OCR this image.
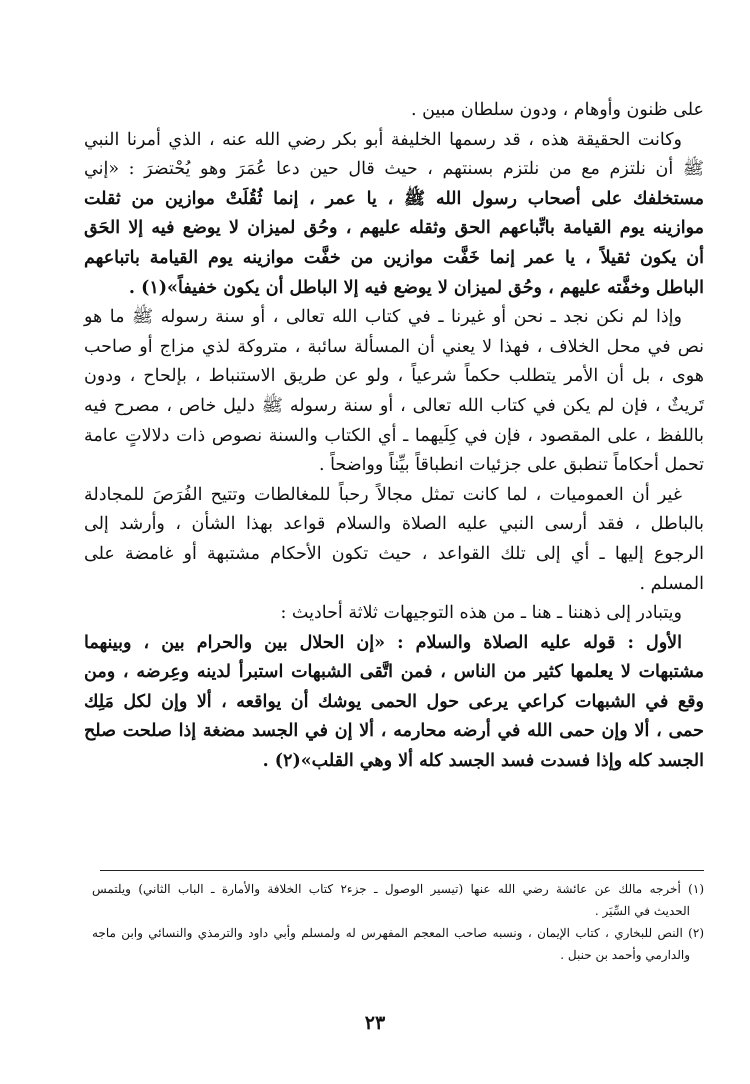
على ظنون وأوهام ، ودون سلطان مبين .
وكانت الحقيقة هذه ، قد رسمها الخليفة أبو بكر رضي الله عنه ، الذي أمرنا النبي
ﷺ أن نلتزم مع من نلتزم بسنتهم ، حيث قال حين دعا عُمَرَ وهو يُحْتضرَ : «إني
مستخلفك على أصحاب رسول الله ﷺ ، يا عمر ، إنما ثُقُلَتْ موازين من ثقلت
موازينه يوم القيامة باتِّباعهم الحق وثقله عليهم ، وحُق لميزان لا يوضع فيه إلا الحَق
أن يكون ثقيلاً ، يا عمر إنما خَفَّت موازين من خفَّت موازينه يوم القيامة باتباعهم
الباطل وخفَّته عليهم ، وحُق لميزان لا يوضع فيه إلا الباطل أن يكون خفيفاً»(١) .
وإذا لم نكن نجد ـ نحن أو غيرنا ـ في كتاب الله تعالى ، أو سنة رسوله ﷺ ما هو
نص في محل الخلاف ، فهذا لا يعني أن المسألة سائبة ، متروكة لذي مزاج أو صاحب
هوى ، بل أن الأمر يتطلب حكماً شرعياً ، ولو عن طريق الاستنباط ، بإلحاح ، ودون
تَريثٌ ، فإن لم يكن في كتاب الله تعالى ، أو سنة رسوله ﷺ دليل خاص ، مصرح فيه
باللفظ ، على المقصود ، فإن في كِلَيهما ـ أي الكتاب والسنة نصوص ذات دلالاتٍ عامة
تحمل أحكاماً تنطبق على جزئيات انطباقاً بيِّناً وواضحاً .
غير أن العموميات ، لما كانت تمثل مجالاً رحباً للمغالطات وتتيح الفُرَصَ للمجادلة
بالباطل ، فقد أرسى النبي عليه الصلاة والسلام قواعد بهذا الشأن ، وأرشد إلى
الرجوع إليها ـ أي إلى تلك القواعد ، حيث تكون الأحكام مشتبهة أو غامضة على
المسلم .
ويتبادر إلى ذهننا ـ هنا ـ من هذه التوجيهات ثلاثة أحاديث :
الأول : قوله عليه الصلاة والسلام : «إن الحلال بين والحرام بين ، وبينهما
مشتبهات لا يعلمها كثير من الناس ، فمن اتَّقى الشبهات استبرأ لدينه وعِرضه ، ومن
وقع في الشبهات كراعي يرعى حول الحمى يوشك أن يواقعه ، ألا وإن لكل مَلِك
حمى ، ألا وإن حمى الله في أرضه محارمه ، ألا إن في الجسد مضغة إذا صلحت صلح
الجسد كله وإذا فسدت فسد الجسد كله ألا وهي القلب»(٢) .
(١) أخرجه مالك عن عائشة رضي الله عنها (تيسير الوصول ـ جزء٢ كتاب الخلافة والأمارة ـ الباب الثاني) ويلتمس
الحديث في السِّيَر .
(٢) النص للبخاري ، كتاب الإيمان ، ونسبه صاحب المعجم المفهرس له ولمسلم وأبي داود والترمذي والنسائي وابن ماجه
والدارمي وأحمد بن حنبل .
٢٣
